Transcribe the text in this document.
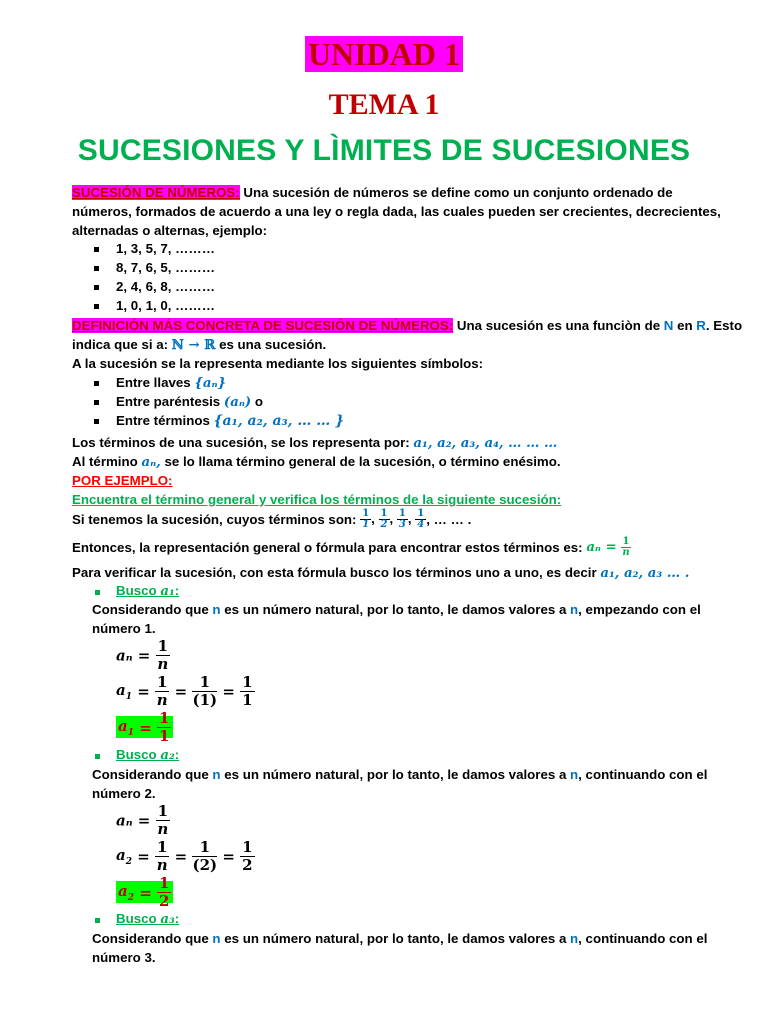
UNIDAD 1
TEMA 1
SUCESIONES Y LÌMITES DE SUCESIONES
SUCESIÓN DE NÚMEROS: Una sucesión de números se define como un conjunto ordenado de números, formados de acuerdo a una ley o regla dada, las cuales pueden ser crecientes, decrecientes, alternadas o alternas, ejemplo:
1, 3, 5, 7, ………
8, 7, 6, 5, ………
2, 4, 6, 8, ………
1, 0, 1, 0, ………
DEFINICIÓN MÁS CONCRETA DE SUCESIÓN DE NÚMEROS: Una sucesión es una funciòn de N en R. Esto
indica que si a: ℕ → ℝ es una sucesión.
A la sucesión se la representa mediante los siguientes símbolos:
Entre llaves {aₙ}
Entre paréntesis (aₙ) o
Entre términos {a₁, a₂, a₃, … … }
Los términos de una sucesión, se los representa por: a₁, a₂, a₃, a₄, … … …
Al término aₙ, se lo llama término general de la sucesión, o término enésimo.
POR EJEMPLO:
Encuentra el término general y verifica los términos de la siguiente sucesión:
Si tenemos la sucesión, cuyos términos son: $\frac{1}{1}$ , $\frac{1}{2}$ , $\frac{1}{3}$ , $\frac{1}{4}$ , … … .
Entonces, la representación general o fórmula para encontrar estos términos es: $a_n = \frac{1}{n}$
Para verificar la sucesión, con esta fórmula busco los términos uno a uno, es decir a₁, a₂, a₃ … .
Busco a₁:
Considerando que n es un número natural, por lo tanto, le damos valores a n, empezando con el
número 1.
$a_n = \frac{1}{n}$
$a_1 = \frac{1}{n} = \frac{1}{(1)} = \frac{1}{1}$
$a_1 = \frac{1}{1}$
Busco a₂:
Considerando que n es un número natural, por lo tanto, le damos valores a n, continuando con el
número 2.
$a_n = \frac{1}{n}$
$a_2 = \frac{1}{n} = \frac{1}{(2)} = \frac{1}{2}$
$a_2 = \frac{1}{2}$
Busco a₃:
Considerando que n es un número natural, por lo tanto, le damos valores a n, continuando con el
número 3.
